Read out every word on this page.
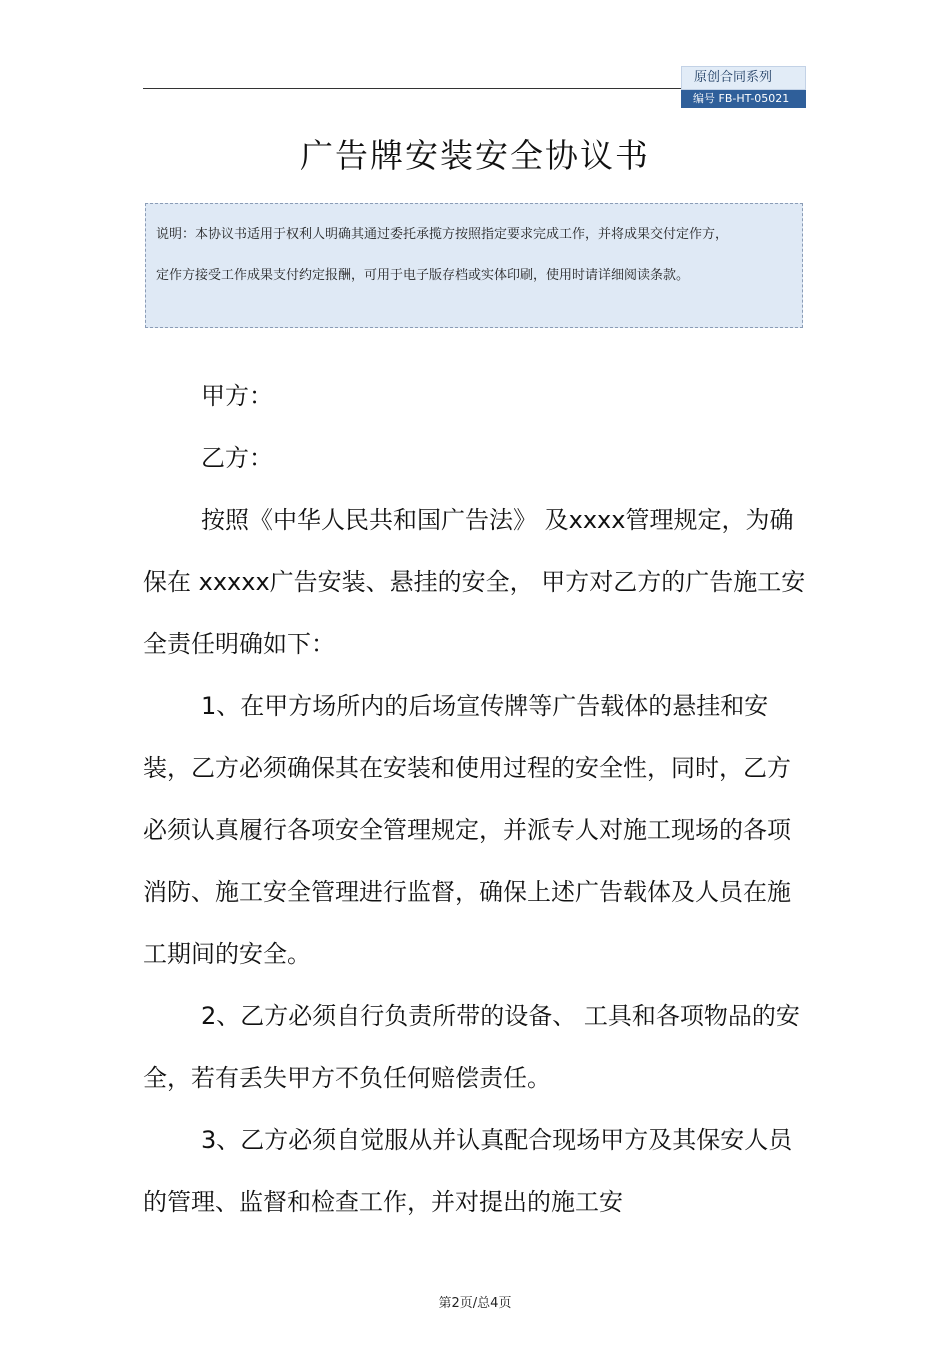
原创合同系列
编号 FB-HT-05021
广告牌安装安全协议书
说明：本协议书适用于权利人明确其通过委托承揽方按照指定要求完成工作，并将成果交付定作方，定作方接受工作成果支付约定报酬，可用于电子版存档或实体印刷，使用时请详细阅读条款。

甲方：

乙方：

按照《中华人民共和国广告法》 及xxxx管理规定，为确保在 xxxxx广告安装、悬挂的安全， 甲方对乙方的广告施工安全责任明确如下：

1、在甲方场所内的后场宣传牌等广告载体的悬挂和安装，乙方必须确保其在安装和使用过程的安全性，同时，乙方必须认真履行各项安全管理规定，并派专人对施工现场的各项消防、施工安全管理进行监督，确保上述广告载体及人员在施工期间的安全。

2、乙方必须自行负责所带的设备、 工具和各项物品的安全，若有丢失甲方不负任何赔偿责任。

3、乙方必须自觉服从并认真配合现场甲方及其保安人员的管理、监督和检查工作，并对提出的施工安

第2页/总4页
